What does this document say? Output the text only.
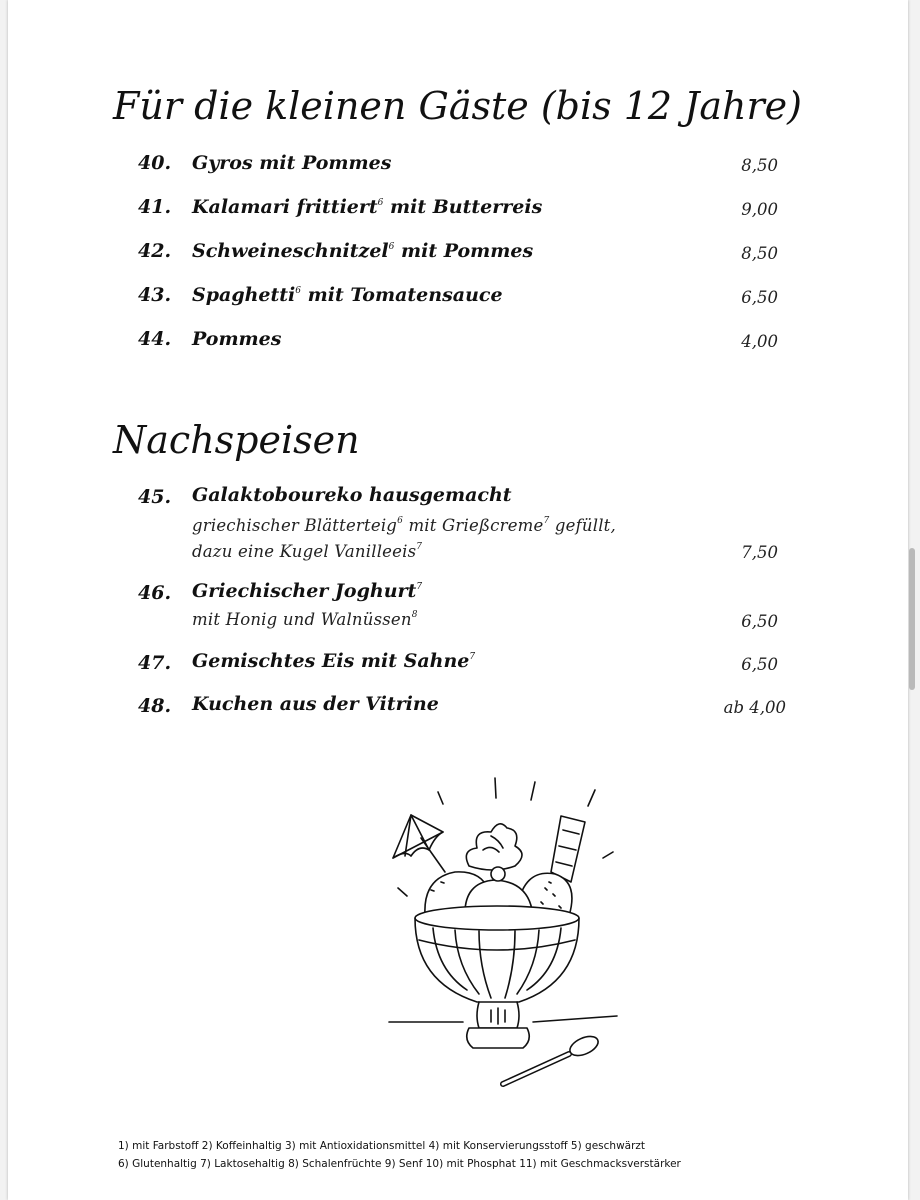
Für die kleinen Gäste (bis 12 Jahre)
40.	Gyros mit Pommes	8,50
41.	Kalamari frittiert$^6$ mit Butterreis	9,00
42.	Schweineschnitzel$^6$ mit Pommes	8,50
43.	Spaghetti$^6$ mit Tomatensauce	6,50
44.	Pommes	4,00
Nachspeisen
45.	Galaktoboureko hausgemacht
griechischer Blätterteig$^6$ mit Grießcreme$^7$ gefüllt,
dazu eine Kugel Vanilleeis$^7$	7,50
46.	Griechischer Joghurt$^7$
mit Honig und Walnüssen$^8$	6,50
47.	Gemischtes Eis mit Sahne$^7$	6,50
48.	Kuchen aus der Vitrine	ab 4,00
1) mit Farbstoff 2) Koffeinhaltig 3) mit Antioxidationsmittel 4) mit Konservierungsstoff 5) geschwärzt
6) Glutenhaltig 7) Laktosehaltig 8) Schalenfrüchte 9) Senf 10) mit Phosphat 11) mit Geschmacksverstärker
